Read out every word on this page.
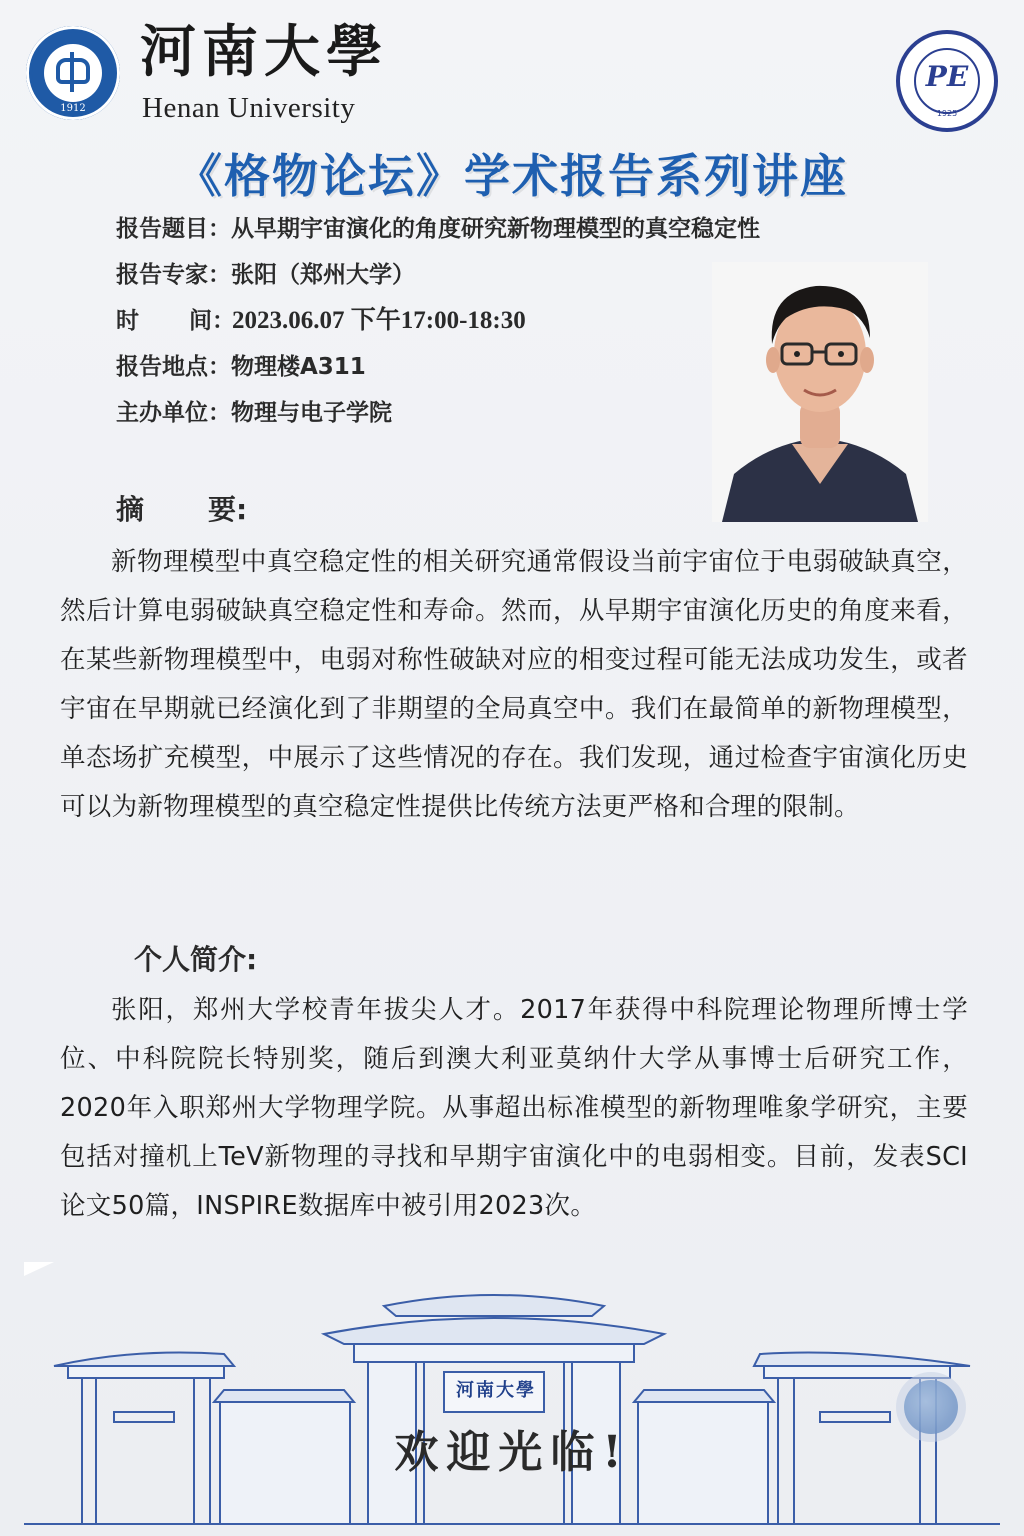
1912
河南大學
Henan University
PE
1925
《格物论坛》学术报告系列讲座
报告题目：从早期宇宙演化的角度研究新物理模型的真空稳定性
报告专家：张阳（郑州大学）
时 间：2023.06.07 下午17:00-18:30
报告地点：物理楼A311
主办单位：物理与电子学院
摘 要:
新物理模型中真空稳定性的相关研究通常假设当前宇宙位于电弱破缺真空，然后计算电弱破缺真空稳定性和寿命。然而，从早期宇宙演化历史的角度来看，在某些新物理模型中，电弱对称性破缺对应的相变过程可能无法成功发生，或者宇宙在早期就已经演化到了非期望的全局真空中。我们在最简单的新物理模型，单态场扩充模型，中展示了这些情况的存在。我们发现，通过检查宇宙演化历史可以为新物理模型的真空稳定性提供比传统方法更严格和合理的限制。
个人简介:
张阳，郑州大学校青年拔尖人才。2017年获得中科院理论物理所博士学位、中科院院长特别奖，随后到澳大利亚莫纳什大学从事博士后研究工作，2020年入职郑州大学物理学院。从事超出标准模型的新物理唯象学研究，主要包括对撞机上TeV新物理的寻找和早期宇宙演化中的电弱相变。目前，发表SCI论文50篇，INSPIRE数据库中被引用2023次。
河南大學
欢迎光临!
